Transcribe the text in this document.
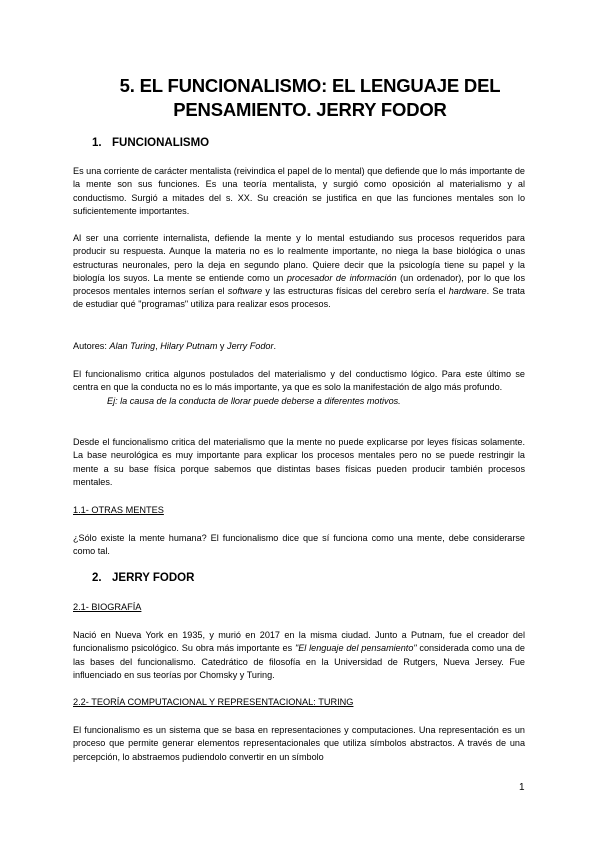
5. EL FUNCIONALISMO: EL LENGUAJE DEL
PENSAMIENTO. JERRY FODOR
1. FUNCIONALISMO
Es una corriente de carácter mentalista (reivindica el papel de lo mental) que defiende que lo más importante de la mente son sus funciones. Es una teoría mentalista, y surgió como oposición al materialismo y al conductismo. Surgió a mitades del s. XX. Su creación se justifica en que las funciones mentales son lo suficientemente importantes.
Al ser una corriente internalista, defiende la mente y lo mental estudiando sus procesos requeridos para producir su respuesta. Aunque la materia no es lo realmente importante, no niega la base biológica o unas estructuras neuronales, pero la deja en segundo plano. Quiere decir que la psicología tiene su papel y la biología los suyos. La mente se entiende como un procesador de información (un ordenador), por lo que los procesos mentales internos serían el software y las estructuras físicas del cerebro sería el hardware. Se trata de estudiar qué "programas" utiliza para realizar esos procesos.
Autores: Alan Turing, Hilary Putnam y Jerry Fodor.
El funcionalismo critica algunos postulados del materialismo y del conductismo lógico. Para este último se centra en que la conducta no es lo más importante, ya que es solo la manifestación de algo más profundo.
Ej: la causa de la conducta de llorar puede deberse a diferentes motivos.
Desde el funcionalismo critica del materialismo que la mente no puede explicarse por leyes físicas solamente. La base neurológica es muy importante para explicar los procesos mentales pero no se puede restringir la mente a su base física porque sabemos que distintas bases físicas pueden producir también procesos mentales.
1.1- OTRAS MENTES
¿Sólo existe la mente humana? El funcionalismo dice que sí funciona como una mente, debe considerarse como tal.
2. JERRY FODOR
2.1- BIOGRAFÍA
Nació en Nueva York en 1935, y murió en 2017 en la misma ciudad. Junto a Putnam, fue el creador del funcionalismo psicológico. Su obra más importante es "El lenguaje del pensamiento" considerada como una de las bases del funcionalismo. Catedrático de filosofía en la Universidad de Rutgers, Nueva Jersey. Fue influenciado en sus teorías por Chomsky y Turing.
2.2- TEORÍA COMPUTACIONAL Y REPRESENTACIONAL: TURING
El funcionalismo es un sistema que se basa en representaciones y computaciones. Una representación es un proceso que permite generar elementos representacionales que utiliza símbolos abstractos. A través de una percepción, lo abstraemos pudiendolo convertir en un símbolo
1
